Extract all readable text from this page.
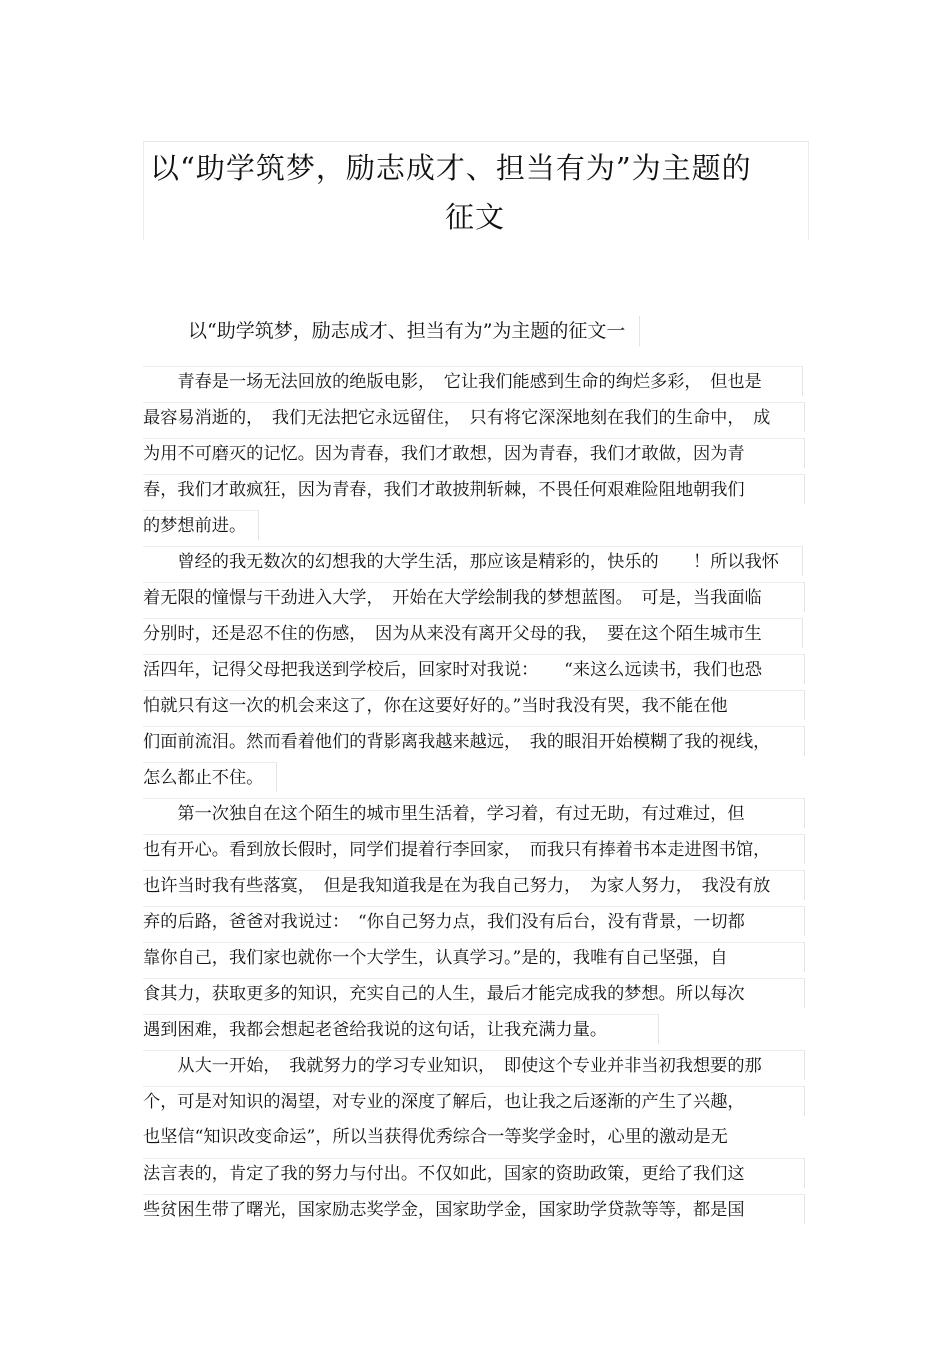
以“助学筑梦，励志成才、担当有为”为主题的
征文
以“助学筑梦，励志成才、担当有为”为主题的征文一
　　青春是一场无法回放的绝版电影，　它让我们能感到生命的绚烂多彩，　但也是
最容易消逝的，　我们无法把它永远留住，　只有将它深深地刻在我们的生命中，　成
为用不可磨灭的记忆。因为青春，我们才敢想，因为青春，我们才敢做，因为青
春，我们才敢疯狂，因为青春，我们才敢披荆斩棘，不畏任何艰难险阻地朝我们
的梦想前进。
　　曾经的我无数次的幻想我的大学生活，那应该是精彩的，快乐的　　！所以我怀
着无限的憧憬与干劲进入大学，　开始在大学绘制我的梦想蓝图。　可是，当我面临
分别时，还是忍不住的伤感，　因为从来没有离开父母的我，　要在这个陌生城市生
活四年，记得父母把我送到学校后，回家时对我说：　　“来这么远读书，我们也恐
怕就只有这一次的机会来这了，你在这要好好的。”当时我没有哭，我不能在他
们面前流泪。然而看着他们的背影离我越来越远，　我的眼泪开始模糊了我的视线，
怎么都止不住。
　　第一次独自在这个陌生的城市里生活着，学习着，有过无助，有过难过，但
也有开心。看到放长假时，同学们提着行李回家，　而我只有捧着书本走进图书馆，
也许当时我有些落寞，　但是我知道我是在为我自己努力，　为家人努力，　我没有放
弃的后路，爸爸对我说过：　“你自己努力点，我们没有后台，没有背景，一切都
靠你自己，我们家也就你一个大学生，认真学习。”是的，我唯有自己坚强，自
食其力，获取更多的知识，充实自己的人生，最后才能完成我的梦想。所以每次
遇到困难，我都会想起老爸给我说的这句话，让我充满力量。
　　从大一开始，　我就努力的学习专业知识，　即使这个专业并非当初我想要的那
个，可是对知识的渴望，对专业的深度了解后，也让我之后逐渐的产生了兴趣，
也坚信“知识改变命运”，所以当获得优秀综合一等奖学金时，心里的激动是无
法言表的，肯定了我的努力与付出。不仅如此，国家的资助政策，更给了我们这
些贫困生带了曙光，国家励志奖学金，国家助学金，国家助学贷款等等，都是国
